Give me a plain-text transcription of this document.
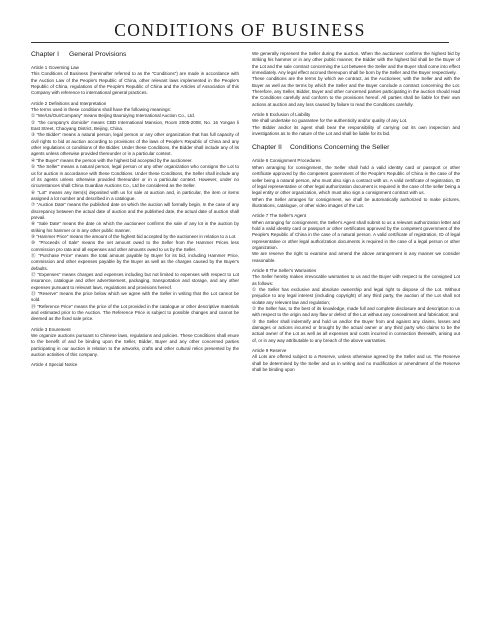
CONDITIONS OF BUSINESS
Chapter I General Provisions

Article 1 Governing Law

This Conditions of Business (hereinafter referred to as the "Conditions") are made in accordance with the Auction Law of the People's Republic of China, other relevant laws implemented in the People's Republic of China, regulations of the People's Republic of China and the Articles of Association of this Company with reference to international general practices.

Article 2 Definitions and Interpretation

The terms used in these conditions shall have the following meanings:

① "We/Us/Our/Company" means Beijing Baoruiying International Auction Co., Ltd.

② "the company's domicile" means CBD International Mansion, Room 2005-2008, No. 16 Yongan li East Street, Chaoyang District, Beijing, China.

③ "the Bidder" means a natural person, legal person or any other organization that has full capacity of civil rights to bid at auction according to provisions of the laws of People's Republic of China and any other regulations or conditions of the Bidder. Under these Conditions, the Bidder shall include any of its agents unless otherwise provided thereunder or in a particular context.

④ "the Buyer" means the person with the highest bid accepted by the auctioneer.

⑤ "the Seller" means a natural person, legal person or any other organization who consigns the Lot to us for auction in accordance with these Conditions. Under these Conditions, the Seller shall include any of its agents unless otherwise provided thereunder or in a particular context. However, under no circumstances shall China Guardian Auctions Co., Ltd be considered as the Seller.

⑥ "Lot" means any item(s) deposited with us for sale at auction and, in particular, the item or items assigned a lot number and described in a catalogue.

⑦ "Auction Date" means the published date on which the auction will formally begin. In the case of any discrepancy between the actual date of auction and the published date, the actual date of auction shall prevail.

⑧ "Sale Date" means the date on which the auctioneer confirms the sale of any lot in the auction by striking his hammer or in any other public manner.

⑨ "Hammer Price" means the amount of the highest bid accepted by the auctioneer in relation to a Lot.

⑩ "Proceeds of Sale" means the net amount owed to the Seller from the Hammer Prices less commission pro rata and all expenses and other amounts owed to us by the Seller.

⑪ "Purchase Price" means the total amount payable by Buyer for its bid, including Hammer Price, commission and other expenses payable by the Buyer as well as the charges caused by the Buyer's defaults.

⑫ "Expenses" means charges and expenses including but not limited to expenses with respect to Lot insurance, catalogue and other advertisement, packaging, transportation and storage, and any other expenses pursuant to relevant laws, regulations and provisions hereof.

⑬ "Reserve" means the price below which we agree with the Seller in writing that the Lot cannot be sold.

⑭ "Reference Price" means the price of the Lot provided in the catalogue or other descriptive materials and estimated prior to the Auction. The Reference Price is subject to possible changes and cannot be deemed as the fixed sale price.

Article 3 Enurement

We organize auctions pursuant to Chinese laws, regulations and policies. These Conditions shall enure to the benefit of and be binding upon the Seller, Bidder, Buyer and any other concerned parties participating in our auction in relation to the artworks, crafts and other cultural relics presented by the auction activities of this company.

Article 4 Special Notice

We generally represent the Seller during the auction. When the auctioneer confirms the highest bid by striking his hammer or in any other public manner, the Bidder with the highest bid shall be the Buyer of the Lot and the sale contract concerning the Lot between the Seller and the Buyer shall come into effect immediately. Any legal effect accrued thereupon shall be born by the Seller and the Buyer respectively.

These conditions are the terms by which we contract, as the Auctioneer, with the Seller and with the Buyer as well as the terms by which the Seller and the Buyer conclude a contract concerning the Lot. Therefore, any Seller, Bidder, Buyer and other concerned parties participating in the auction should read the Conditions carefully and conform to the provisions hereof. All parties shall be liable for their own actions at auction and any loss caused by failure to read the Conditions carefully.

Article 5 Exclusion of Liability

We shall undertake no guarantee for the authenticity and/or quality of any Lot.

The Bidder and/or its agent shall bear the responsibility of carrying out its own inspection and investigations as to the nature of the Lot and shall be liable for its bid.

Chapter II Conditions Concerning the Seller

Article 6 Consignment Procedures

When arranging for consignment, the Seller shall hold a valid identity card or passport or other certificate approved by the competent government of the People's Republic of China in the case of the seller being a natural person, who must also sign a contract with us. A valid certificate of registration, ID of legal representative or other legal authorization document is required in the case of the seller being a legal entity or other organization, which must also sign a consignment contract with us.

When the Seller arranges for consignment, we shall be automatically authorized to make pictures, illustrations, catalogue, or other video images of the Lot.

Article 7 The Seller's Agent

When arranging for consignment, the Seller's Agent shall submit to us a relevant authorization letter and hold a valid identity card or passport or other certificates approved by the competent government of the People's Republic of China in the case of a natural person. A valid certificate of registration, ID of legal representative or other legal authorization documents is required in the case of a legal person or other organization.

We are reserve the right to examine and amend the above arrangement in any manner we consider reasonable.

Article 8 The Seller's Warranties

The Seller hereby makes irrevocable warranties to us and the Buyer with respect to the consigned Lot as follows:

① the Seller has exclusive and absolute ownership and legal right to dispose of the Lot. Without prejudice to any legal interest (including copyright) of any third party, the auction of the Lot shall not violate any relevant law and regulation;

② the Seller has, to the best of its knowledge, made full and complete disclosure and description to us with respect to the origin and any flaw or defect of the Lot without any concealment and fabrication; and

③ the Seller shall indemnify and hold us and/or the Buyer from and against any claims, losses and damages or actions incurred or brought by the actual owner or any third party who claims to be the actual owner of the Lot as well as all expenses and costs incurred in connection therewith, arising out of, or in any way attributable to any breach of the above warranties.

Article 9 Reserve

All Lots are offered subject to a Reserve, unless otherwise agreed by the Seller and us. The Reserve shall be determined by the Seller and us in writing and no modification or amendment of the Reserve shall be binding upon
